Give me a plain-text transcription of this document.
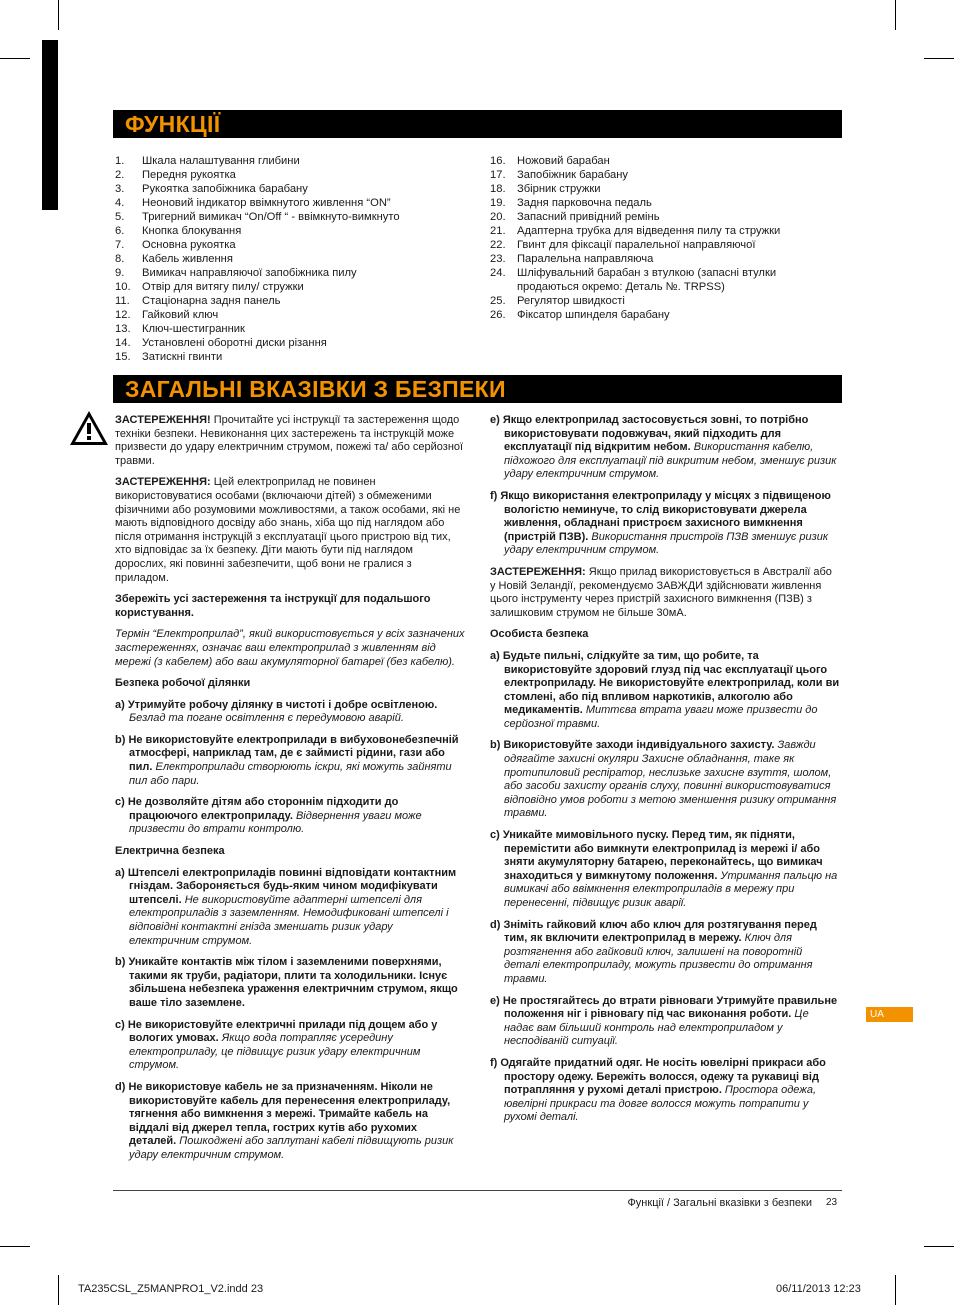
ФУНКЦІЇ
1. Шкала налаштування глибини
2. Передня рукоятка
3. Рукоятка запобіжника барабану
4. Неоновий індикатор ввімкнутого живлення “ON”
5. Тригерний вимикач “On/Off “ - ввімкнуто-вимкнуто
6. Кнопка блокування
7. Основна рукоятка
8. Кабель живлення
9. Вимикач направляючої запобіжника пилу
10. Отвір для витягу пилу/ стружки
11. Стаціонарна задня панель
12. Гайковий ключ
13. Ключ-шестигранник
14. Установлені оборотні диски різання
15. Затискні гвинти
16. Ножовий барабан
17. Запобіжник барабану
18. Збірник стружки
19. Задня парковочна педаль
20. Запасний привідний ремінь
21. Адаптерна трубка для відведення пилу та стружки
22. Гвинт для фіксації паралельної направляючої
23. Паралельна направляюча
24. Шліфувальний барабан з втулкою (запасні втулки продаються окремо: Деталь №. TRPSS)
25. Регулятор швидкості
26. Фіксатор шпинделя барабану
ЗАГАЛЬНІ ВКАЗІВКИ З БЕЗПЕКИ

ЗАСТЕРЕЖЕННЯ! Прочитайте усі інструкції та застереження щодо техніки безпеки. Невиконання цих застережень та інструкцій може призвести до удару електричним струмом, пожежі та/ або серйозної травми.

ЗАСТЕРЕЖЕННЯ: Цей електроприлад не повинен використовуватися особами (включаючи дітей) з обмеженими фізичними або розумовими можливостями, а також особами, які не мають відповідного досвіду або знань, хіба що під наглядом або після отримання інструкцій з експлуатації цього пристрою від тих, хто відповідає за їх безпеку. Діти мають бути під наглядом дорослих, які повинні забезпечити, щоб вони не гралися з приладом.

Збережіть усі застереження та інструкції для подальшого користування.

Термін “Електроприлад”, який використовується у всіх зазначених застереженнях, означає ваш електроприлад з живленням від мережі (з кабелем) або ваш акумуляторної батареї (без кабелю).

Безпека робочої ділянки

a) Утримуйте робочу ділянку в чистоті і добре освітленою. Безлад та погане освітлення є передумовою аварій.

b) Не використовуйте електроприлади в вибуховонебезпечній атмосфері, наприклад там, де є займисті рідини, гази або пил. Електроприлади створюють іскри, які можуть зайняти пил або пари.

c) Не дозволяйте дітям або стороннім підходити до працюючого електроприладу. Відвернення уваги може призвести до втрати контролю.

Електрична безпека

a) Штепселі електроприладів повинні відповідати контактним гніздам. Забороняється будь-яким чином модифікувати штепселі. Не використовуйте адаптерні штепселі для електроприладів з заземленням. Немодификовані штепселі і відповідні контактні гнізда зменшать ризик удару електричним струмом.

b) Уникайте контактів між тілом і заземленими поверхнями, такими як труби, радіатори, плити та холодильники. Існує збільшена небезпека ураження електричним струмом, якщо ваше тіло заземлене.

c) Не використовуйте електричні прилади під дощем або у вологих умовах. Якщо вода потрапляє усередину електроприладу, це підвищує ризик удару електричним струмом.

d) Не використовуе кабель не за призначенням. Ніколи не використовуйте кабель для перенесення електроприладу, тягнення або вимкнення з мережі. Тримайте кабель на віддалі від джерел тепла, гострих кутів або рухомих деталей. Пошкоджені або заплутані кабелі підвищують ризик удару електричним струмом.

e) Якщо електроприлад застосовується зовні, то потрібно використовувати подовжувач, який підходить для експлуатації під відкритим небом. Використання кабелю, підхожого для експлуатації під викритим небом, зменшує ризик удару електричним струмом.

f) Якщо використання електроприладу у місцях з підвищеною вологістю неминуче, то слід використовувати джерела живлення, обладнані пристроєм захисного вимкнення (пристрій ПЗВ). Використання пристроїв ПЗВ зменшує ризик удару електричним струмом.

ЗАСТЕРЕЖЕННЯ: Якщо прилад використовується в Австралії або у Новій Зеландії, рекомендуємо ЗАВЖДИ здійснювати живлення цього інструменту через пристрій захисного вимкнення (ПЗВ) з залишковим струмом не більше 30мА.

Особиста безпека

a) Будьте пильні, слідкуйте за тим, що робите, та використовуйте здоровий глузд під час експлуатації цього електроприладу. Не використовуйте електроприлад, коли ви стомлені, або під впливом наркотиків, алкоголю або медикаментів. Миттєва втрата уваги може призвести до серйозної травми.

b) Використовуйте заходи індивідуального захисту. Завжди одягайте захисні окуляри Захисне обладнання, таке як протипиловий респіратор, неслизьке захисне взуття, шолом, або засоби захисту органів слуху, повинні використовуватися відповідно умов роботи з метою зменшення ризику отримання травми.

c) Уникайте мимовільного пуску. Перед тим, як підняти, перемістити або вимкнути електроприлад із мережі і/ або зняти акумуляторну батарею, переконайтесь, що вимикач знаходиться у вимкнутому положення. Утримання пальцю на вимикачі або ввімкнення електроприладів в мережу при перенесенні, підвищує ризик аварії.

d) Зніміть гайковий ключ або ключ для розтягування перед тим, як включити електроприлад в мережу. Ключ для розтягнення або гайковий ключ, залишені на поворотній деталі електроприладу, можуть призвести до отримання травми.

e) Не простягайтесь до втрати рівноваги Утримуйте правильне положення ніг і рівновагу під час виконання роботи. Це надає вам більший контроль над електроприладом у несподіваній ситуації.

f) Одягайте придатний одяг. Не носіть ювелірні прикраси або простору одежу. Бережіть волосся, одежу та рукавиці від потрапляння у рухомі деталі пристрою. Простора одежа, ювелірні прикраси та довге волосся можуть потрапити у рухомі деталі.

UA
Функції / Загальні вказівки з безпеки 23
TA235CSL_Z5MANPRO1_V2.indd 23	06/11/2013 12:23
